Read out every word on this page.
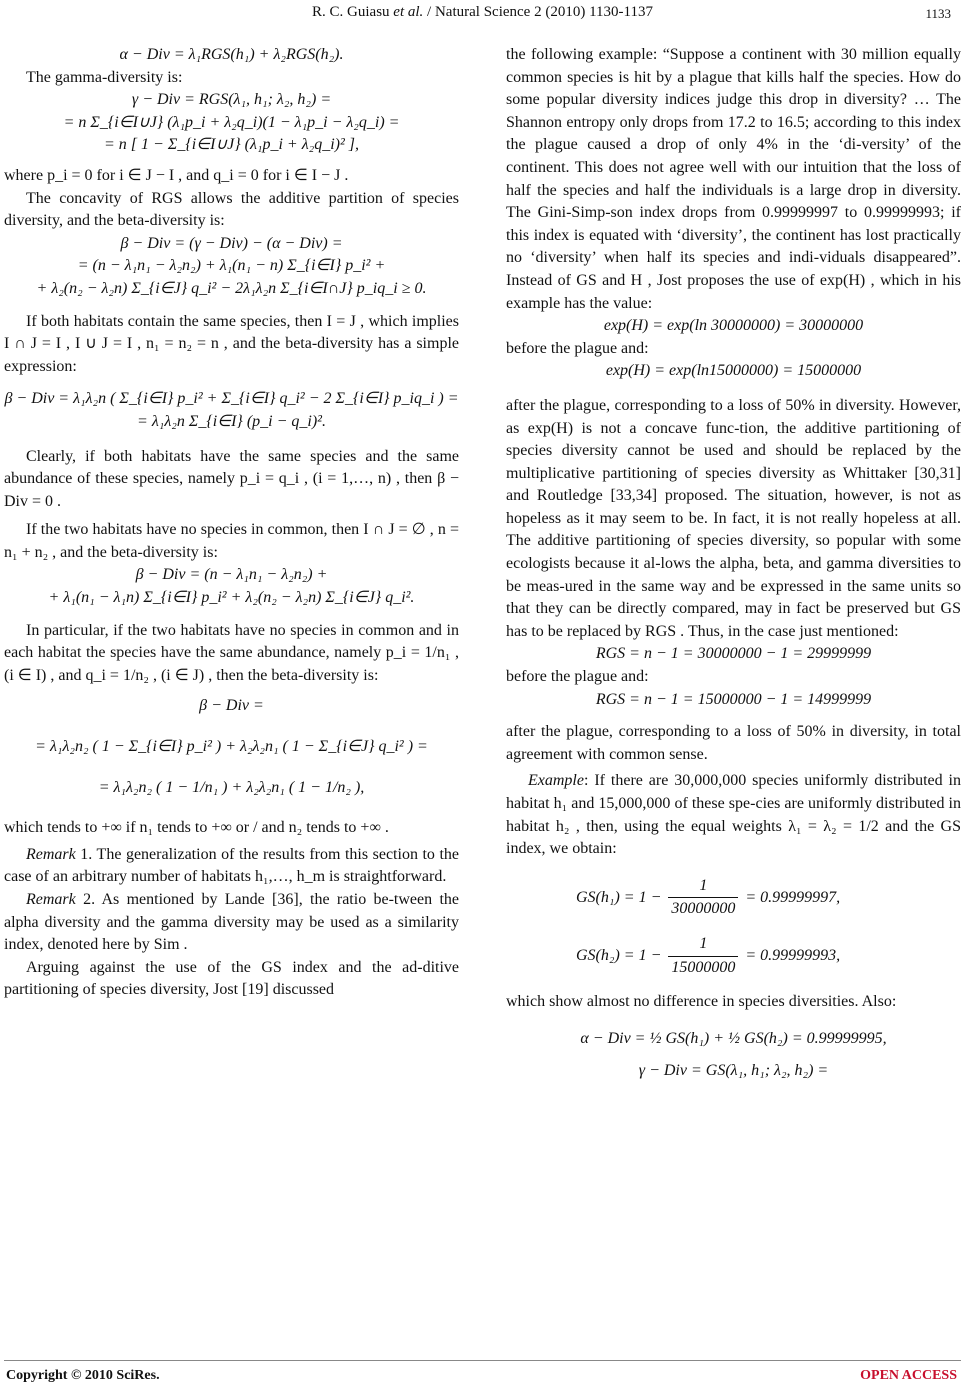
R. C. Guiasu et al. / Natural Science 2 (2010) 1130-1137	1133

α − Div = λ₁RGS(h₁) + λ₂RGS(h₂).

The gamma-diversity is:

γ − Div = RGS(λ₁, h₁; λ₂, h₂) =

= n Σ_{i∈I∪J} (λ₁p_i + λ₂q_i)(1 − λ₁p_i − λ₂q_i) =

= n [ 1 − Σ_{i∈I∪J} (λ₁p_i + λ₂q_i)² ],

where p_i = 0 for i ∈ J − I , and q_i = 0 for i ∈ I − J .

The concavity of RGS allows the additive partition of species diversity, and the beta-diversity is:

β − Div = (γ − Div) − (α − Div) =

= (n − λ₁n₁ − λ₂n₂) + λ₁(n₁ − n) Σ_{i∈I} p_i² +

+ λ₂(n₂ − λ₂n) Σ_{i∈J} q_i² − 2λ₁λ₂n Σ_{i∈I∩J} p_iq_i ≥ 0.

If both habitats contain the same species, then I = J , which implies I ∩ J = I , I ∪ J = I , n₁ = n₂ = n , and the beta-diversity has a simple expression:

β − Div = λ₁λ₂n ( Σ_{i∈I} p_i² + Σ_{i∈I} q_i² − 2 Σ_{i∈I} p_iq_i ) =

= λ₁λ₂n Σ_{i∈I} (p_i − q_i)².

Clearly, if both habitats have the same species and the same abundance of these species, namely p_i = q_i , (i = 1,…, n) , then β − Div = 0 .

If the two habitats have no species in common, then I ∩ J = ∅ , n = n₁ + n₂ , and the beta-diversity is:

β − Div = (n − λ₁n₁ − λ₂n₂) +

+ λ₁(n₁ − λ₁n) Σ_{i∈I} p_i² + λ₂(n₂ − λ₂n) Σ_{i∈J} q_i².

In particular, if the two habitats have no species in common and in each habitat the species have the same abundance, namely p_i = 1/n₁ , (i ∈ I) , and q_i = 1/n₂ , (i ∈ J) , then the beta-diversity is:

β − Div =

= λ₁λ₂n₂ ( 1 − Σ_{i∈I} p_i² ) + λ₂λ₂n₁ ( 1 − Σ_{i∈J} q_i² ) =

= λ₁λ₂n₂ ( 1 − 1/n₁ ) + λ₂λ₂n₁ ( 1 − 1/n₂ ),

which tends to +∞ if n₁ tends to +∞ or / and n₂ tends to +∞ .

Remark 1. The generalization of the results from this section to the case of an arbitrary number of habitats h₁,…, h_m is straightforward.

Remark 2. As mentioned by Lande [36], the ratio be-tween the alpha diversity and the gamma diversity may be used as a similarity index, denoted here by Sim .

Arguing against the use of the GS index and the ad-ditive partitioning of species diversity, Jost [19] discussed

the following example: “Suppose a continent with 30 million equally common species is hit by a plague that kills half the species. How do some popular diversity indices judge this drop in diversity? … The Shannon entropy only drops from 17.2 to 16.5; according to this index the plague caused a drop of only 4% in the ‘di-versity’ of the continent. This does not agree well with our intuition that the loss of half the species and half the individuals is a large drop in diversity. The Gini-Simp-son index drops from 0.99999997 to 0.99999993; if this index is equated with ‘diversity’, the continent has lost practically no ‘diversity’ when half its species and indi-viduals disappeared”. Instead of GS and H , Jost proposes the use of exp(H) , which in his example has the value:

exp(H) = exp(ln 30000000) = 30000000

before the plague and:

exp(H) = exp(ln15000000) = 15000000

after the plague, corresponding to a loss of 50% in diversity. However, as exp(H) is not a concave func-tion, the additive partitioning of species diversity cannot be used and should be replaced by the multiplicative partitioning of species diversity as Whittaker [30,31] and Routledge [33,34] proposed. The situation, however, is not as hopeless as it may seem to be. In fact, it is not really hopeless at all. The additive partitioning of species diversity, so popular with some ecologists because it al-lows the alpha, beta, and gamma diversities to be meas-ured in the same way and be expressed in the same units so that they can be directly compared, may in fact be preserved but GS has to be replaced by RGS . Thus, in the case just mentioned:

RGS = n − 1 = 30000000 − 1 = 29999999

before the plague and:

RGS = n − 1 = 15000000 − 1 = 14999999

after the plague, corresponding to a loss of 50% in diversity, in total agreement with common sense.

Example: If there are 30,000,000 species uniformly distributed in habitat h₁ and 15,000,000 of these spe-cies are uniformly distributed in habitat h₂ , then, using the equal weights λ₁ = λ₂ = 1/2 and the GS index, we obtain:

$GS(h_1) = 1 - \frac{1}{30000000} = 0.99999997$,

$GS(h_2) = 1 - \frac{1}{15000000} = 0.99999993$,

which show almost no difference in species diversities. Also:

α − Div = ½ GS(h₁) + ½ GS(h₂) = 0.99999995,

γ − Div = GS(λ₁, h₁; λ₂, h₂) =

Copyright © 2010 SciRes.	OPEN ACCESS
